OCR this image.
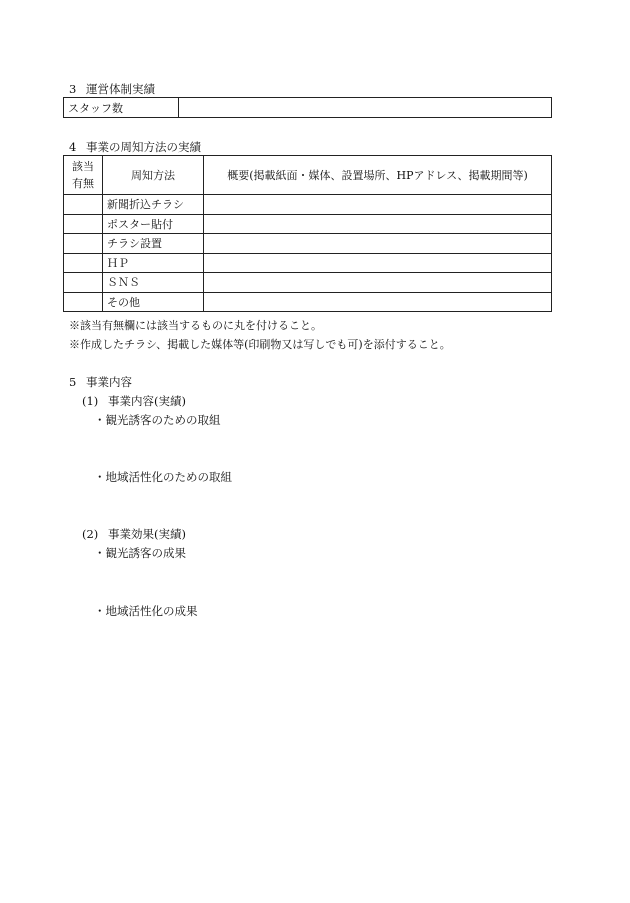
3 運営体制実績
スタッフ数	
4 事業の周知方法の実績
該当
有無	周知方法	概要(掲載紙面・媒体、設置場所、HPアドレス、掲載期間等)
	新聞折込チラシ	
	ポスター貼付	
	チラシ設置	
	ＨＰ	
	ＳＮＳ	
	その他	
※該当有無欄には該当するものに丸を付けること。
※作成したチラシ、掲載した媒体等(印刷物又は写しでも可)を添付すること。
5 事業内容
(1) 事業内容(実績)
・観光誘客のための取組
・地域活性化のための取組
(2) 事業効果(実績)
・観光誘客の成果
・地域活性化の成果
